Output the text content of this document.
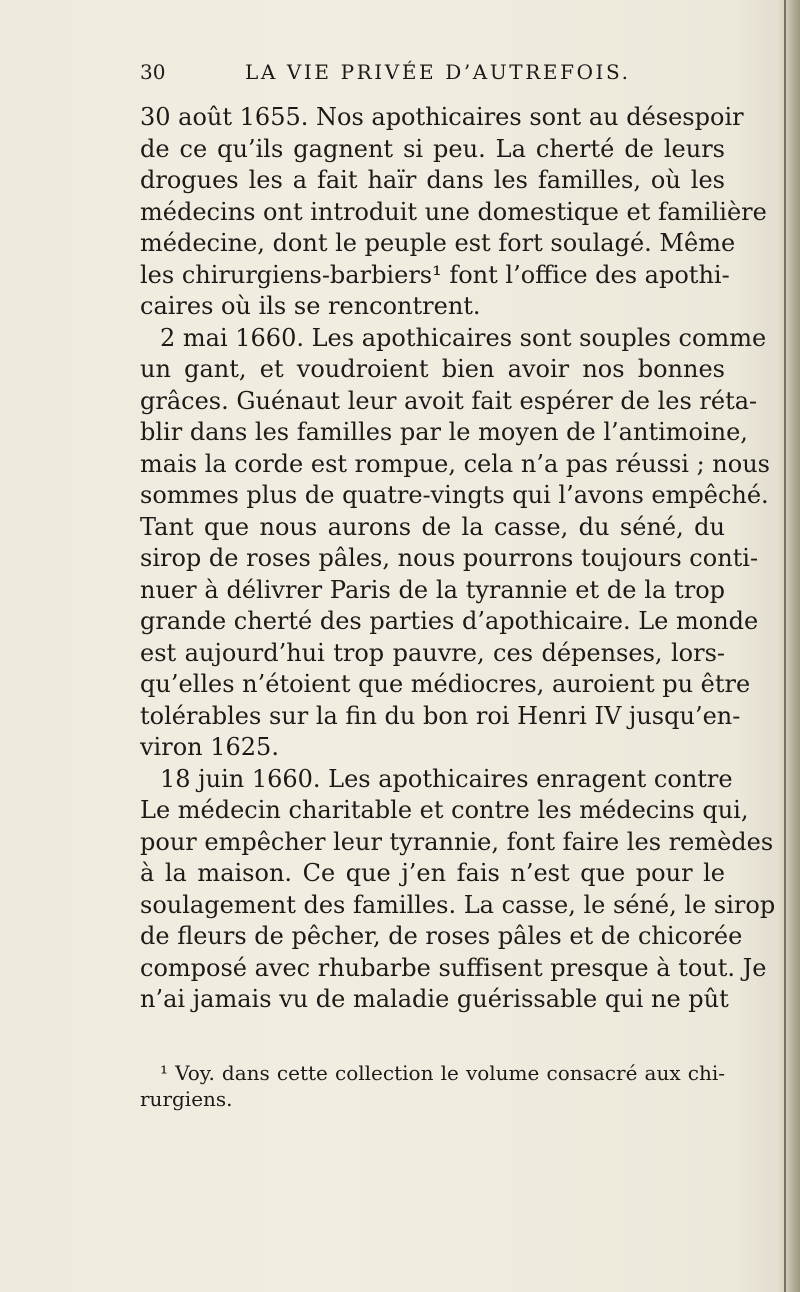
30	LA VIE PRIVÉE D’AUTREFOIS.
30 août 1655. Nos apothicaires sont au désespoir
de ce qu’ils gagnent si peu. La cherté de leurs
drogues les a fait haïr dans les familles, où les
médecins ont introduit une domestique et familière
médecine, dont le peuple est fort soulagé. Même
les chirurgiens-barbiers¹ font l’office des apothi-
caires où ils se rencontrent.
2 mai 1660. Les apothicaires sont souples comme
un gant, et voudroient bien avoir nos bonnes
grâces. Guénaut leur avoit fait espérer de les réta-
blir dans les familles par le moyen de l’antimoine,
mais la corde est rompue, cela n’a pas réussi ; nous
sommes plus de quatre-vingts qui l’avons empêché.
Tant que nous aurons de la casse, du séné, du
sirop de roses pâles, nous pourrons toujours conti-
nuer à délivrer Paris de la tyrannie et de la trop
grande cherté des parties d’apothicaire. Le monde
est aujourd’hui trop pauvre, ces dépenses, lors-
qu’elles n’étoient que médiocres, auroient pu être
tolérables sur la fin du bon roi Henri IV jusqu’en-
viron 1625.
18 juin 1660. Les apothicaires enragent contre
Le médecin charitable et contre les médecins qui,
pour empêcher leur tyrannie, font faire les remèdes
à la maison. Ce que j’en fais n’est que pour le
soulagement des familles. La casse, le séné, le sirop
de fleurs de pêcher, de roses pâles et de chicorée
composé avec rhubarbe suffisent presque à tout. Je
n’ai jamais vu de maladie guérissable qui ne pût
¹ Voy. dans cette collection le volume consacré aux chi-
rurgiens.
